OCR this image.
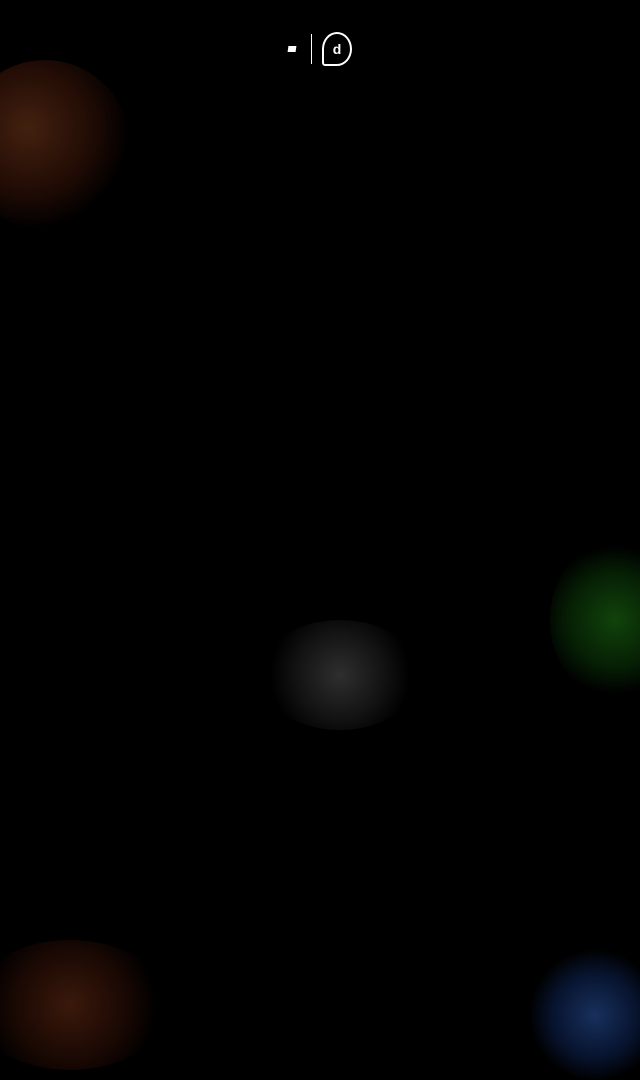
d
